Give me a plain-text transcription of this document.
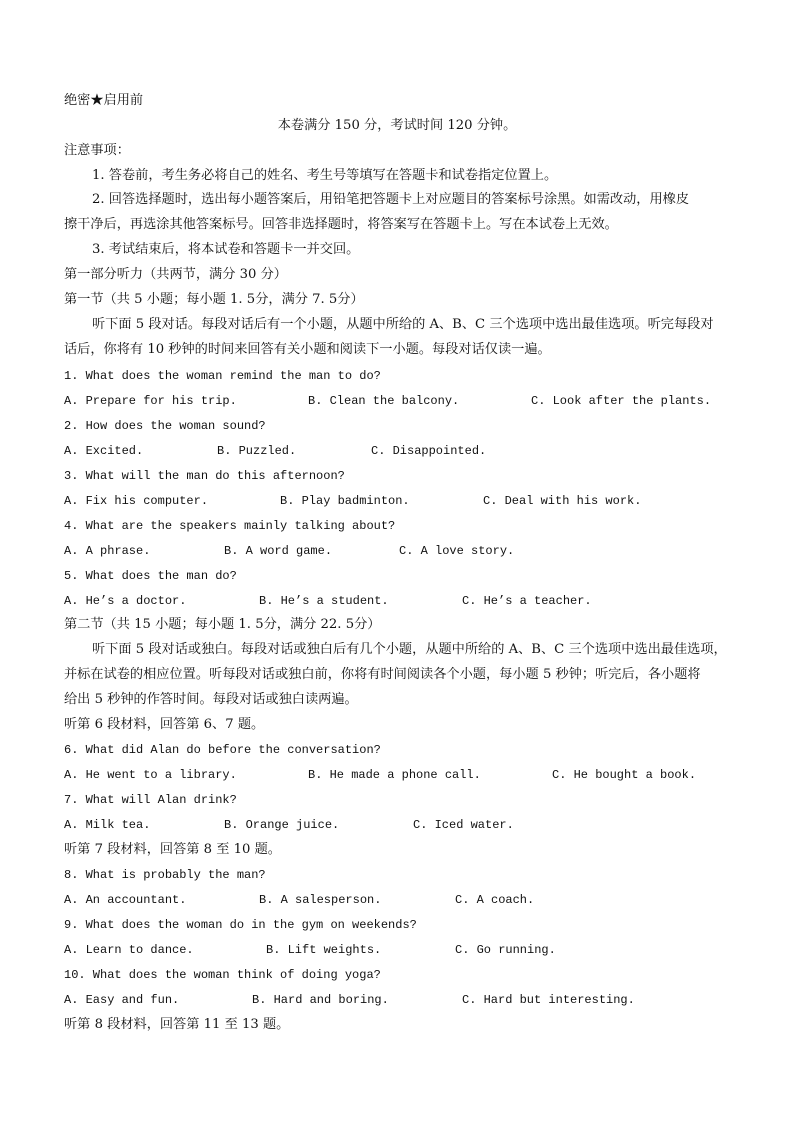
绝密★启用前
本卷满分 150 分，考试时间 120 分钟。
注意事项：
1. 答卷前，考生务必将自己的姓名、考生号等填写在答题卡和试卷指定位置上。
2. 回答选择题时，选出每小题答案后，用铅笔把答题卡上对应题目的答案标号涂黑。如需改动，用橡皮
擦干净后，再选涂其他答案标号。回答非选择题时，将答案写在答题卡上。写在本试卷上无效。
3. 考试结束后，将本试卷和答题卡一并交回。
第一部分听力（共两节，满分 30 分）
第一节（共 5 小题；每小题 1. 5分，满分 7. 5分）
听下面 5 段对话。每段对话后有一个小题，从题中所给的 A、B、C 三个选项中选出最佳选项。听完每段对
话后，你将有 10 秒钟的时间来回答有关小题和阅读下一小题。每段对话仅读一遍。
1. What does the woman remind the man to do?
A. Prepare for his trip.	B. Clean the balcony.	C. Look after the plants.
2. How does the woman sound?
A. Excited.	B. Puzzled.	C. Disappointed.
3. What will the man do this afternoon?
A. Fix his computer.	B. Play badminton.	C. Deal with his work.
4. What are the speakers mainly talking about?
A. A phrase.	B. A word game.	C. A love story.
5. What does the man do?
A. He’s a doctor.	B. He’s a student.	C. He’s a teacher.
第二节（共 15 小题；每小题 1. 5分，满分 22. 5分）
听下面 5 段对话或独白。每段对话或独白后有几个小题，从题中所给的 A、B、C 三个选项中选出最佳选项，
并标在试卷的相应位置。听每段对话或独白前，你将有时间阅读各个小题，每小题 5 秒钟；听完后，各小题将
给出 5 秒钟的作答时间。每段对话或独白读两遍。
听第 6 段材料，回答第 6、7 题。
6. What did Alan do before the conversation?
A. He went to a library.	B. He made a phone call.	C. He bought a book.
7. What will Alan drink?
A. Milk tea.	B. Orange juice.	C. Iced water.
听第 7 段材料，回答第 8 至 10 题。
8. What is probably the man?
A. An accountant.	B. A salesperson.	C. A coach.
9. What does the woman do in the gym on weekends?
A. Learn to dance.	B. Lift weights.	C. Go running.
10. What does the woman think of doing yoga?
A. Easy and fun.	B. Hard and boring.	C. Hard but interesting.
听第 8 段材料，回答第 11 至 13 题。
